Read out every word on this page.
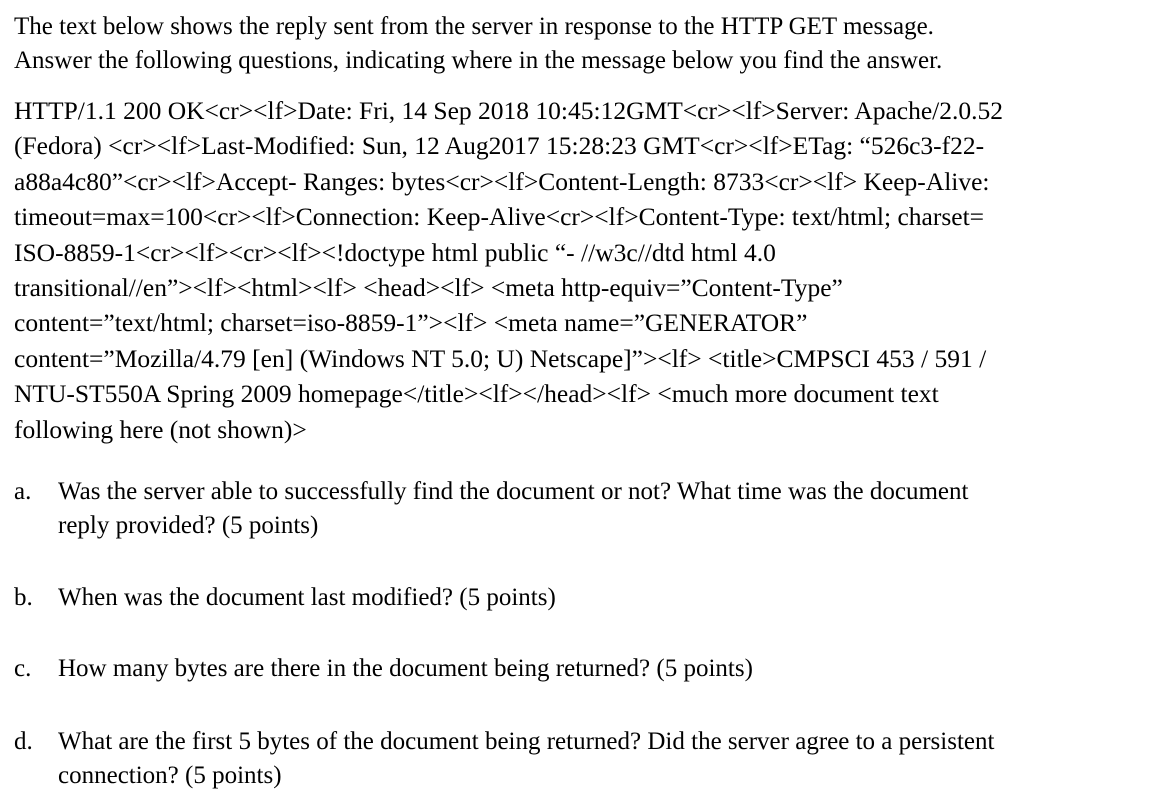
The text below shows the reply sent from the server in response to the HTTP GET message.

Answer the following questions, indicating where in the message below you find the answer.

HTTP/1.1 200 OK<cr><lf>Date: Fri, 14 Sep 2018 10:45:12GMT<cr><lf>Server: Apache/2.0.52
(Fedora) <cr><lf>Last-Modified: Sun, 12 Aug2017 15:28:23 GMT<cr><lf>ETag: “526c3-f22-
a88a4c80”<cr><lf>Accept- Ranges: bytes<cr><lf>Content-Length: 8733<cr><lf> Keep-Alive:
timeout=max=100<cr><lf>Connection: Keep-Alive<cr><lf>Content-Type: text/html; charset=
ISO-8859-1<cr><lf><cr><lf><!doctype html public “- //w3c//dtd html 4.0
transitional//en”><lf><html><lf> <head><lf> <meta http-equiv=”Content-Type”
content=”text/html; charset=iso-8859-1”><lf> <meta name=”GENERATOR”
content=”Mozilla/4.79 [en] (Windows NT 5.0; U) Netscape]”><lf> <title>CMPSCI 453 / 591 /
NTU-ST550A Spring 2009 homepage</title><lf></head><lf> <much more document text
following here (not shown)>
a. Was the server able to successfully find the document or not? What time was the document
reply provided? (5 points)
b. When was the document last modified? (5 points)
c. How many bytes are there in the document being returned? (5 points)
d. What are the first 5 bytes of the document being returned? Did the server agree to a persistent
connection? (5 points)
